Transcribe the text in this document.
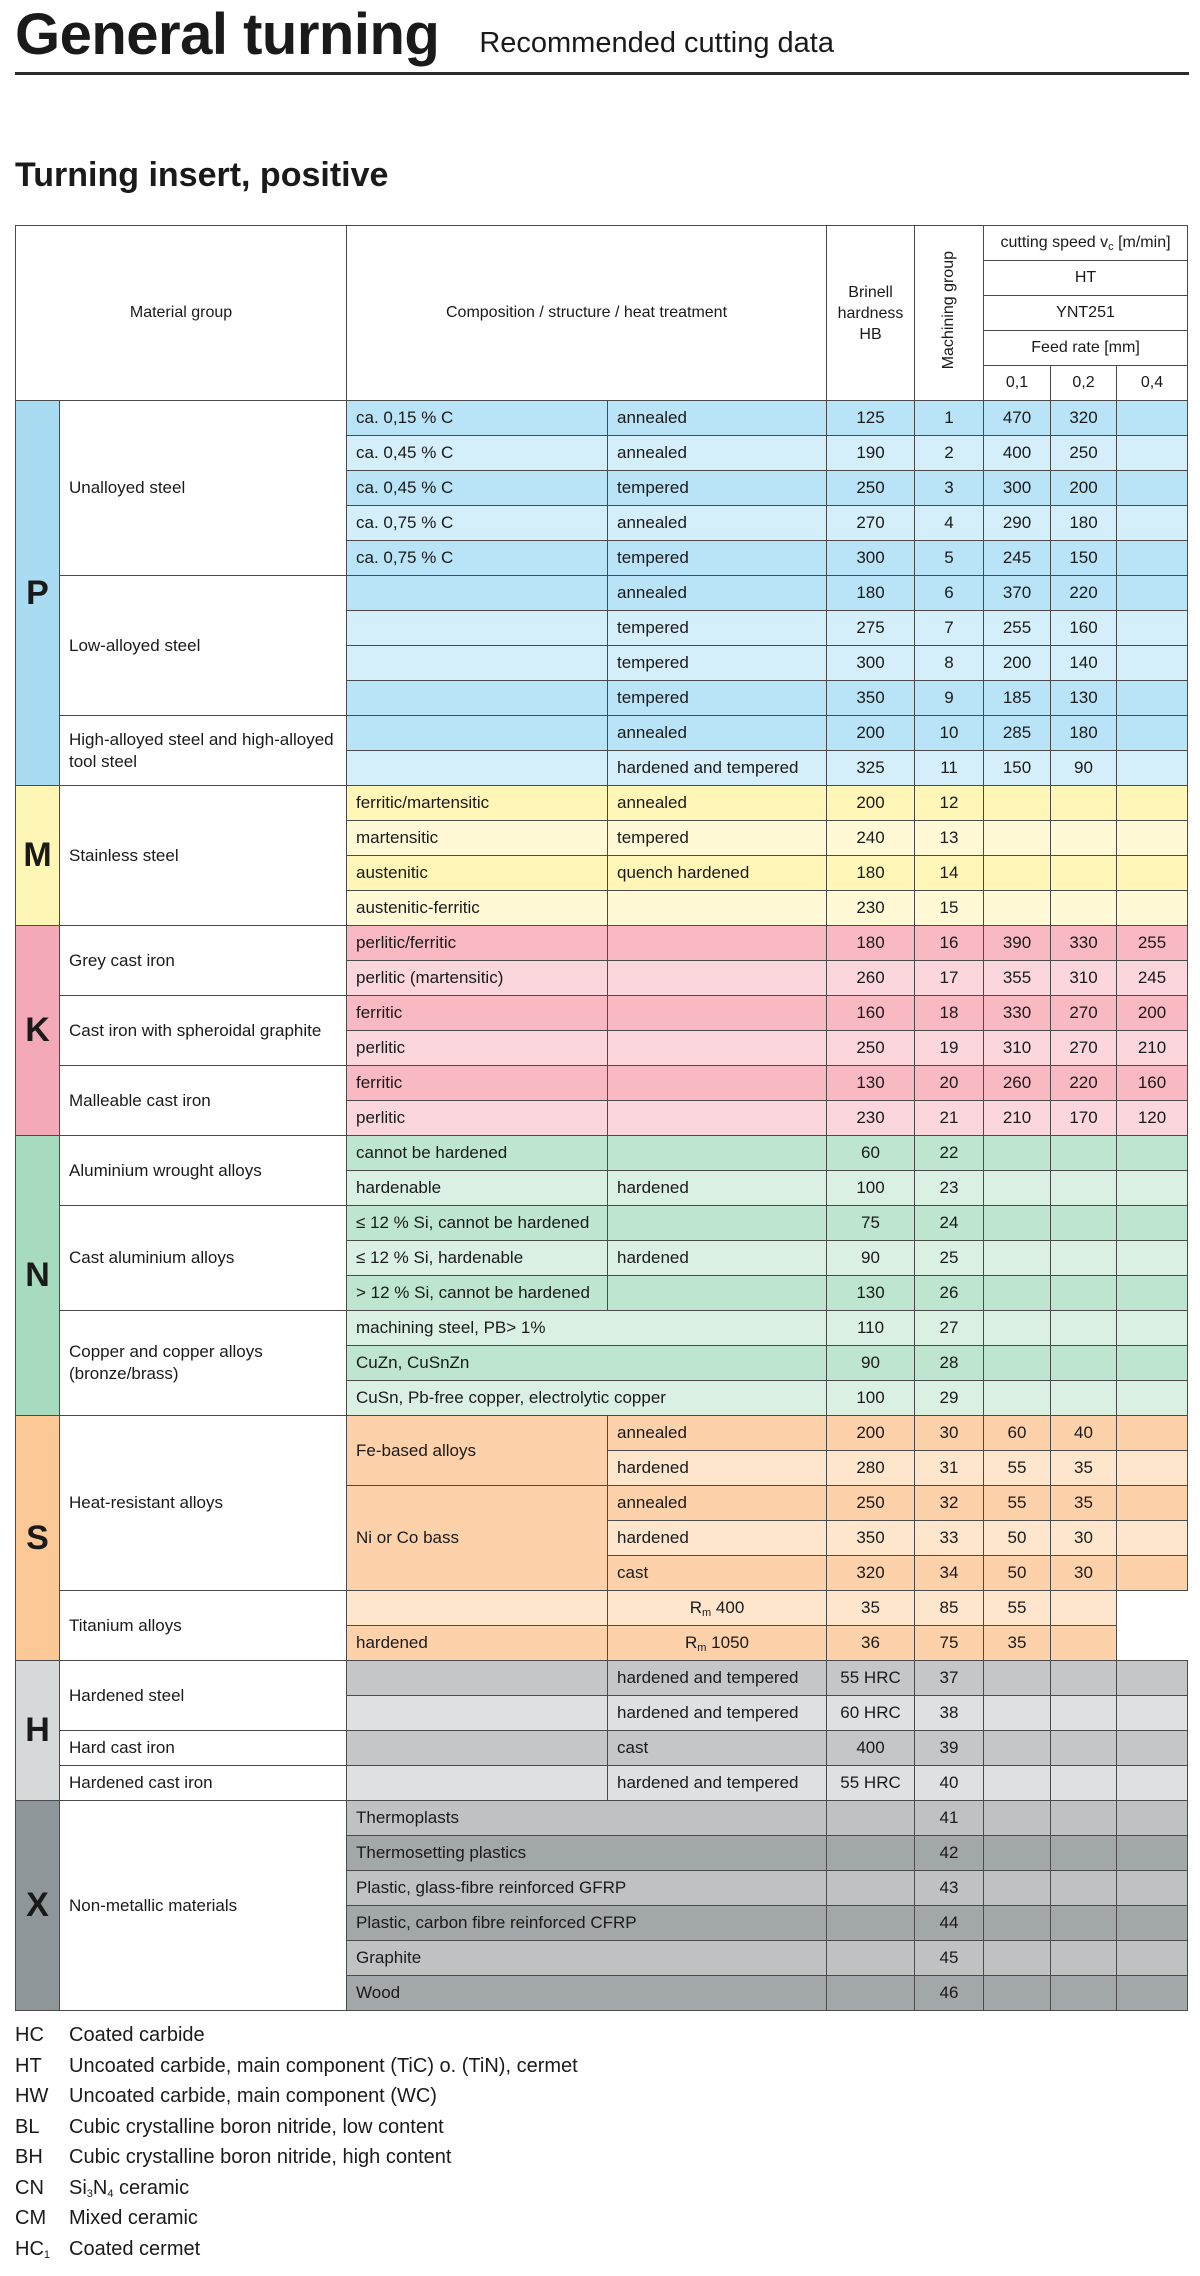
General turning Recommended cutting data
Turning insert, positive
Material group		Composition / structure / heat treatment		Brinell
hardness
HB	Machining group	cutting speed $v_c$ [m/min]		
						HT		
						YNT251		
						Feed rate [mm]		
						0,1	0,2	0,4
P	Unalloyed steel	ca. 0,15 % C	annealed	125	1	470	320	
		ca. 0,45 % C	annealed	190	2	400	250	
		ca. 0,45 % C	tempered	250	3	300	200	
		ca. 0,75 % C	annealed	270	4	290	180	
		ca. 0,75 % C	tempered	300	5	245	150	
	Low-alloyed steel		annealed	180	6	370	220	
			tempered	275	7	255	160	
			tempered	300	8	200	140	
			tempered	350	9	185	130	
	High-alloyed steel and high-alloyed tool steel		annealed	200	10	285	180	
			hardened and tempered	325	11	150	90	
M	Stainless steel	ferritic/martensitic	annealed	200	12			
		martensitic	tempered	240	13			
		austenitic	quench hardened	180	14			
		austenitic-ferritic		230	15			
K	Grey cast iron	perlitic/ferritic		180	16	390	330	255
		perlitic (martensitic)		260	17	355	310	245
	Cast iron with spheroidal graphite	ferritic		160	18	330	270	200
		perlitic		250	19	310	270	210
	Malleable cast iron	ferritic		130	20	260	220	160
		perlitic		230	21	210	170	120
N	Aluminium wrought alloys	cannot be hardened		60	22			
		hardenable	hardened	100	23			
	Cast aluminium alloys	≤ 12 % Si, cannot be hardened		75	24			
		≤ 12 % Si, hardenable	hardened	90	25			
		> 12 % Si, cannot be hardened		130	26			
	Copper and copper alloys (bronze/brass)	machining steel, PB> 1%		110	27			
		CuZn, CuSnZn		90	28			
		CuSn, Pb-free copper, electrolytic copper		100	29			
S	Heat-resistant alloys	Fe-based alloys	annealed	200	30	60	40	
			hardened	280	31	55	35	
		Ni or Co bass	annealed	250	32	55	35	
			hardened	350	33	50	30	
			cast	320	34	50	30	
	Titanium alloys		$R_m$ 400	35	85	55		
		hardened	$R_m$ 1050	36	75	35		
H	Hardened steel		hardened and tempered	55 HRC	37			
			hardened and tempered	60 HRC	38			
	Hard cast iron		cast	400	39			
	Hardened cast iron		hardened and tempered	55 HRC	40			
X	Non-metallic materials	Thermoplasts			41			
		Thermosetting plastics			42			
		Plastic, glass-fibre reinforced GFRP			43			
		Plastic, carbon fibre reinforced CFRP			44			
		Graphite			45			
		Wood			46			
HC	Coated carbide
HT	Uncoated carbide, main component (TiC) o. (TiN), cermet
HW	Uncoated carbide, main component (WC)
BL	Cubic crystalline boron nitride, low content
BH	Cubic crystalline boron nitride, high content
CN	$Si_3N_4$ ceramic
CM	Mixed ceramic
$HC_1$ Coated cermet
